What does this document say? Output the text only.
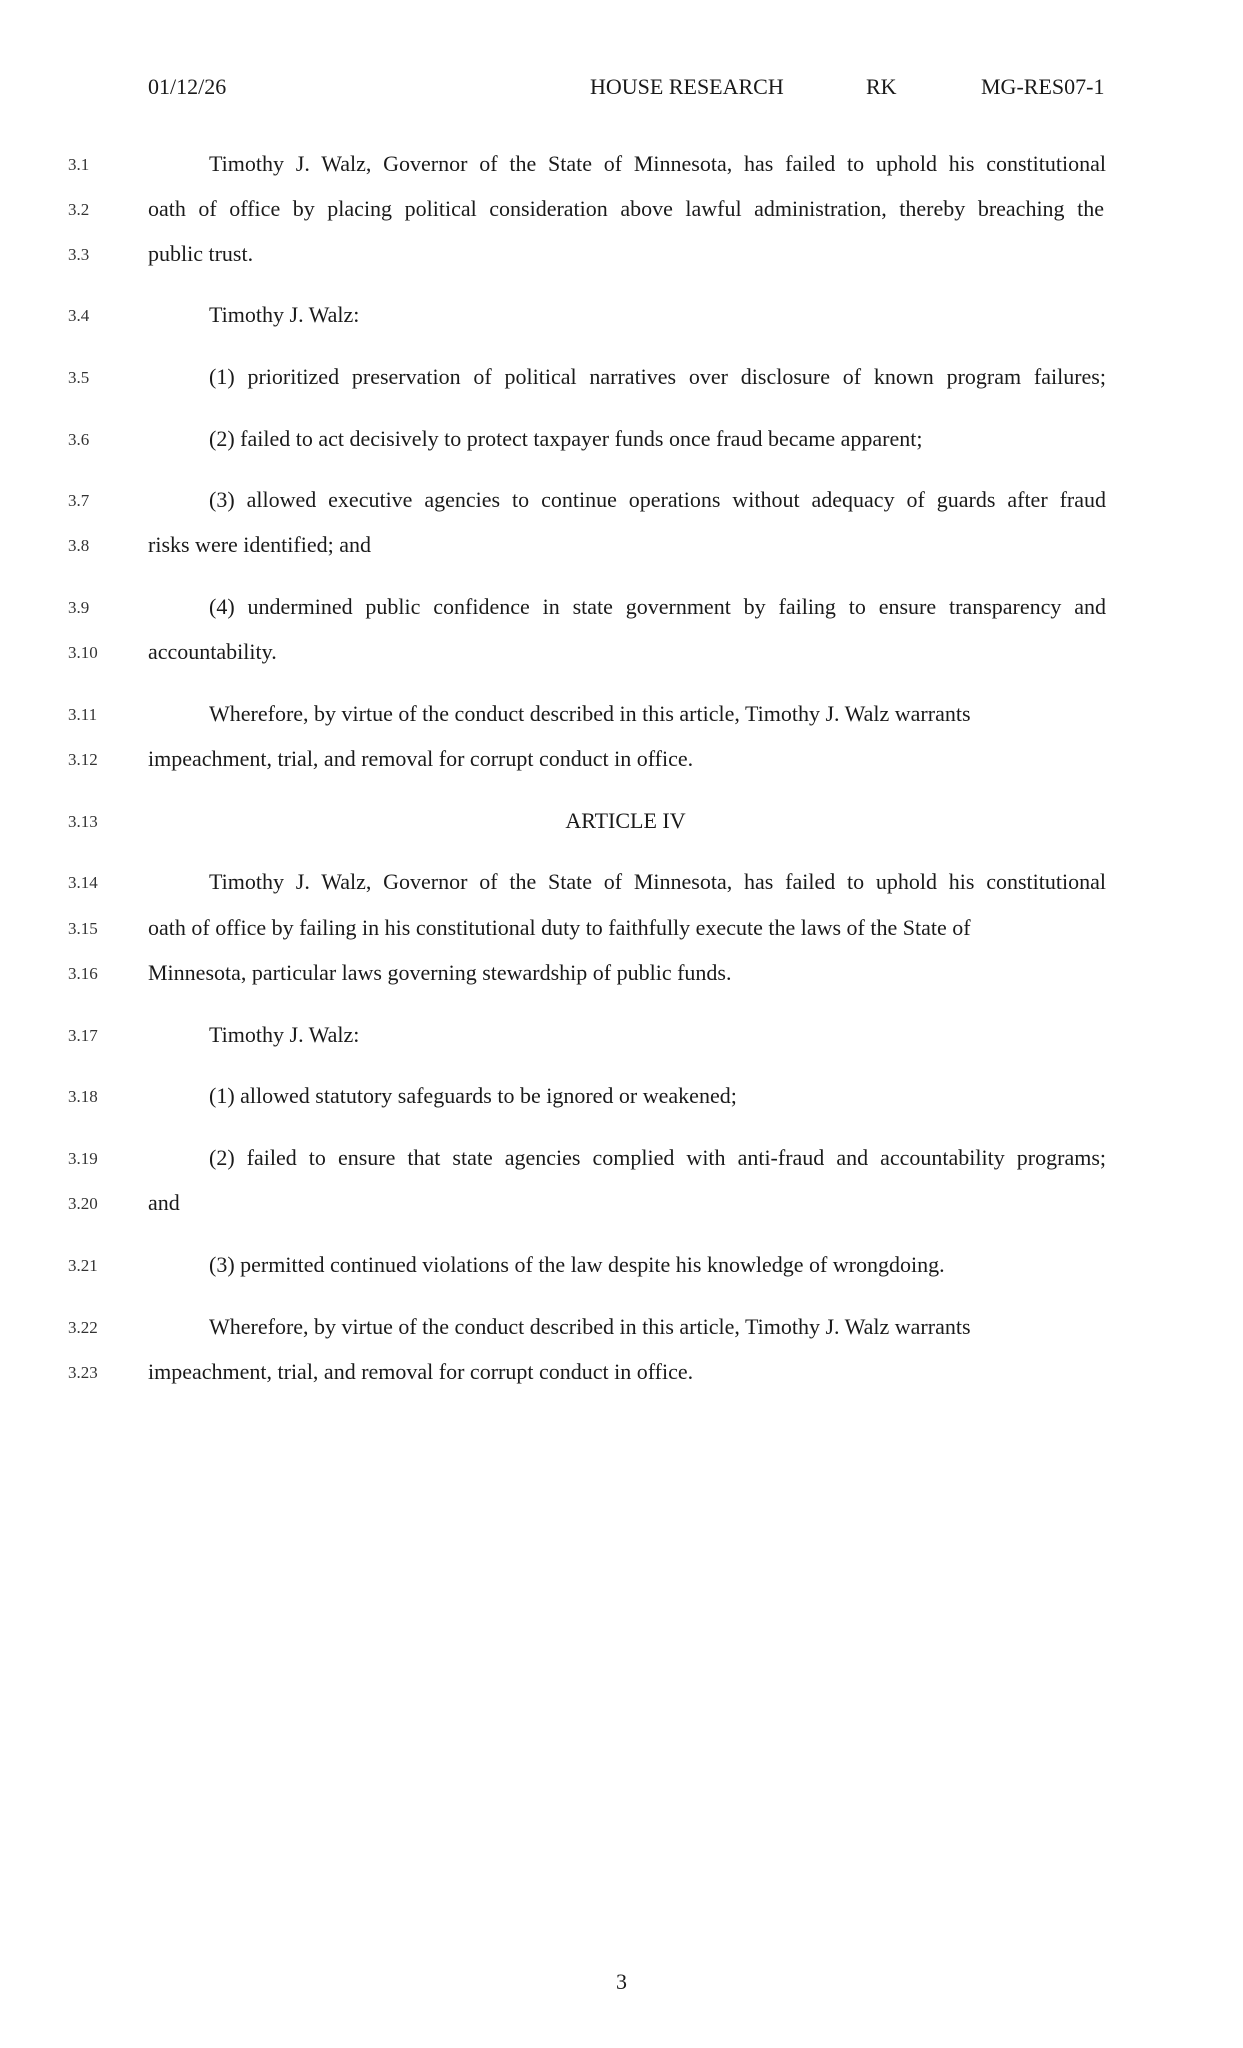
01/12/26	HOUSE RESEARCH	RK	MG-RES07-1
3.1	Timothy J. Walz, Governor of the State of Minnesota, has failed to uphold his constitutional
3.2	oath of office by placing political consideration above lawful administration, thereby breaching the
3.3	public trust.
3.4	Timothy J. Walz:
3.5	(1) prioritized preservation of political narratives over disclosure of known program failures;
3.6	(2) failed to act decisively to protect taxpayer funds once fraud became apparent;
3.7	(3) allowed executive agencies to continue operations without adequacy of guards after fraud
3.8	risks were identified; and
3.9	(4) undermined public confidence in state government by failing to ensure transparency and
3.10	accountability.
3.11	Wherefore, by virtue of the conduct described in this article, Timothy J. Walz warrants
3.12	impeachment, trial, and removal for corrupt conduct in office.
3.13	ARTICLE IV
3.14	Timothy J. Walz, Governor of the State of Minnesota, has failed to uphold his constitutional
3.15	oath of office by failing in his constitutional duty to faithfully execute the laws of the State of
3.16	Minnesota, particular laws governing stewardship of public funds.
3.17	Timothy J. Walz:
3.18	(1) allowed statutory safeguards to be ignored or weakened;
3.19	(2) failed to ensure that state agencies complied with anti-fraud and accountability programs;
3.20	and
3.21	(3) permitted continued violations of the law despite his knowledge of wrongdoing.
3.22	Wherefore, by virtue of the conduct described in this article, Timothy J. Walz warrants
3.23	impeachment, trial, and removal for corrupt conduct in office.
3
